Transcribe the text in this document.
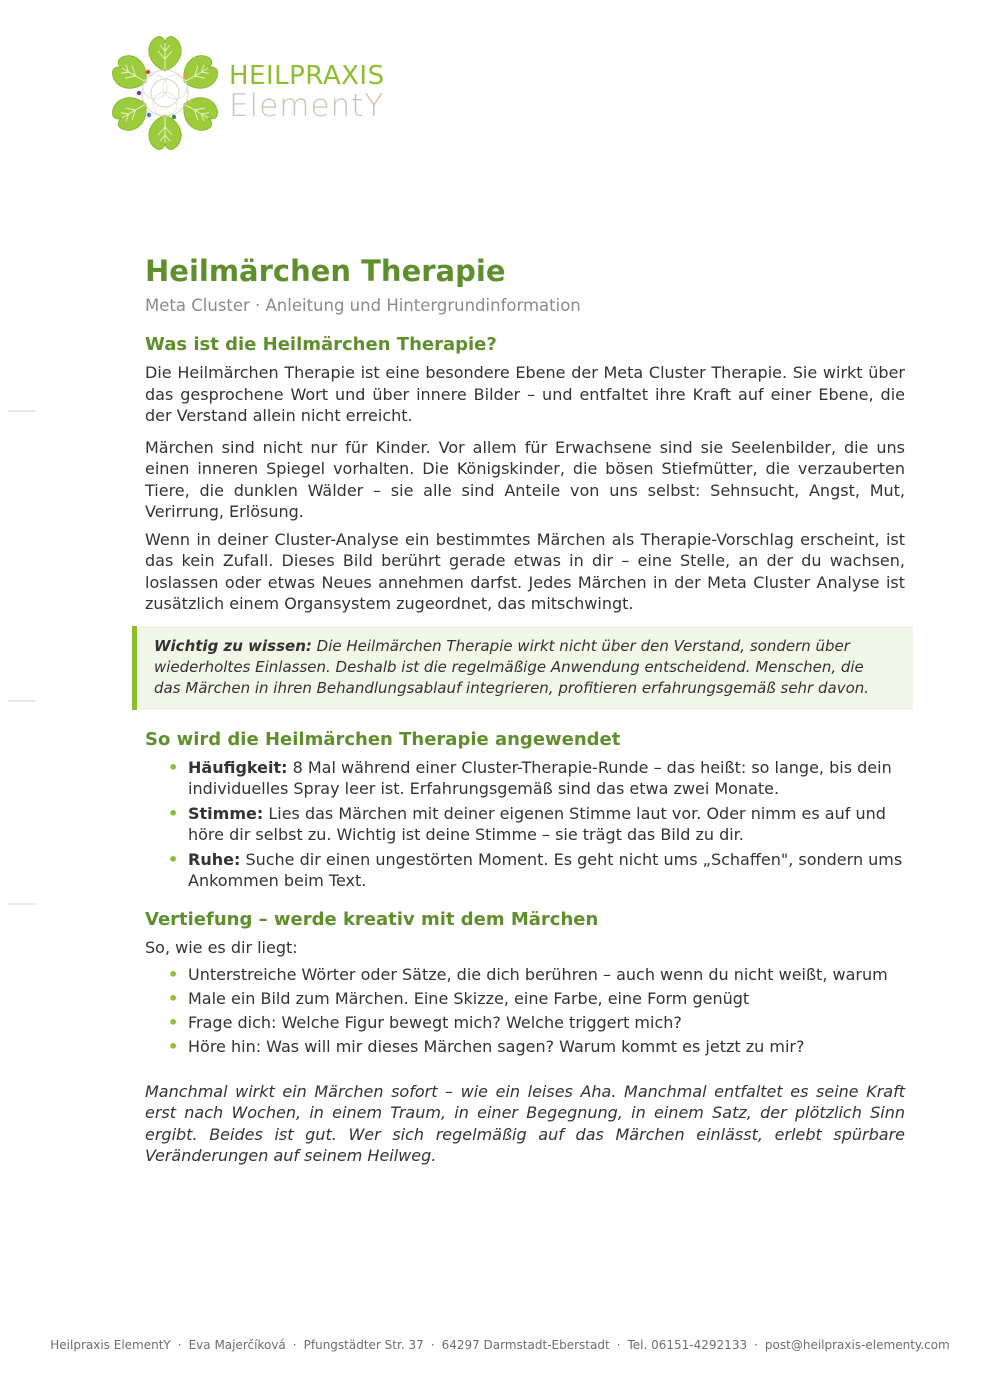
HEILPRAXIS
ElementY
Heilmärchen Therapie
Meta Cluster · Anleitung und Hintergrundinformation
Was ist die Heilmärchen Therapie?

Die Heilmärchen Therapie ist eine besondere Ebene der Meta Cluster Therapie. Sie wirkt über das gesprochene Wort und über innere Bilder – und entfaltet ihre Kraft auf einer Ebene, die der Verstand allein nicht erreicht.

Märchen sind nicht nur für Kinder. Vor allem für Erwachsene sind sie Seelenbilder, die uns einen inneren Spiegel vorhalten. Die Königskinder, die bösen Stiefmütter, die verzauberten Tiere, die dunklen Wälder – sie alle sind Anteile von uns selbst: Sehnsucht, Angst, Mut, Verirrung, Erlösung.

Wenn in deiner Cluster-Analyse ein bestimmtes Märchen als Therapie-Vorschlag erscheint, ist das kein Zufall. Dieses Bild berührt gerade etwas in dir – eine Stelle, an der du wachsen, loslassen oder etwas Neues annehmen darfst. Jedes Märchen in der Meta Cluster Analyse ist zusätzlich einem Organsystem zugeordnet, das mitschwingt.

Wichtig zu wissen: Die Heilmärchen Therapie wirkt nicht über den Verstand, sondern über wiederholtes Einlassen. Deshalb ist die regelmäßige Anwendung entscheidend. Menschen, die das Märchen in ihren Behandlungsablauf integrieren, profitieren erfahrungsgemäß sehr davon.

So wird die Heilmärchen Therapie angewendet
• Häufigkeit: 8 Mal während einer Cluster-Therapie-Runde – das heißt: so lange, bis dein individuelles Spray leer ist. Erfahrungsgemäß sind das etwa zwei Monate.
• Stimme: Lies das Märchen mit deiner eigenen Stimme laut vor. Oder nimm es auf und höre dir selbst zu. Wichtig ist deine Stimme – sie trägt das Bild zu dir.
• Ruhe: Suche dir einen ungestörten Moment. Es geht nicht ums „Schaffen", sondern ums Ankommen beim Text.
Vertiefung – werde kreativ mit dem Märchen

So, wie es dir liegt:

• Unterstreiche Wörter oder Sätze, die dich berühren – auch wenn du nicht weißt, warum
• Male ein Bild zum Märchen. Eine Skizze, eine Farbe, eine Form genügt
• Frage dich: Welche Figur bewegt mich? Welche triggert mich?
• Höre hin: Was will mir dieses Märchen sagen? Warum kommt es jetzt zu mir?

Manchmal wirkt ein Märchen sofort – wie ein leises Aha. Manchmal entfaltet es seine Kraft erst nach Wochen, in einem Traum, in einer Begegnung, in einem Satz, der plötzlich Sinn ergibt. Beides ist gut. Wer sich regelmäßig auf das Märchen einlässt, erlebt spürbare Veränderungen auf seinem Heilweg.

Heilpraxis ElementY · Eva Majerčíková · Pfungstädter Str. 37 · 64297 Darmstadt-Eberstadt · Tel. 06151-4292133 · post@heilpraxis-elementy.com
